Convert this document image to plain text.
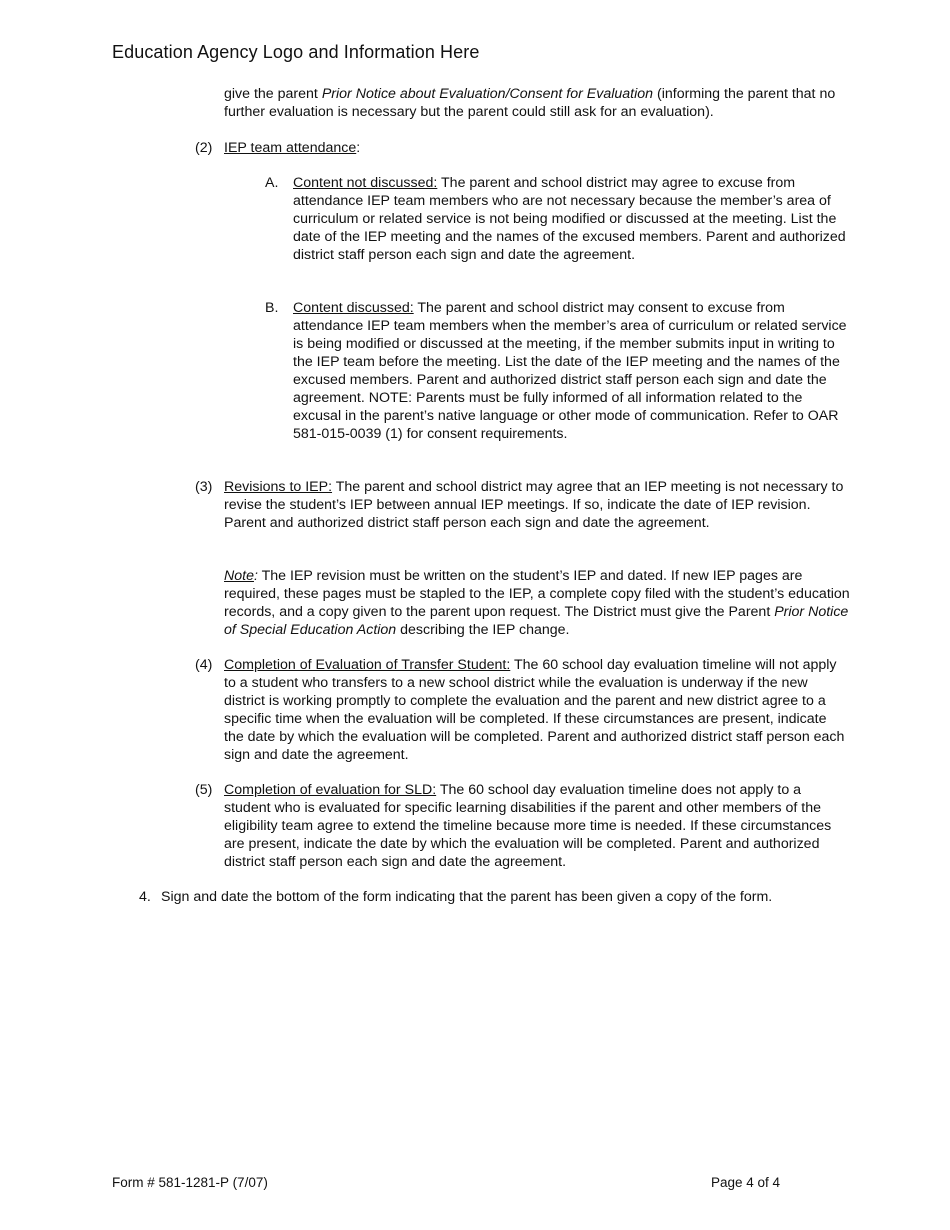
Education Agency Logo and Information Here
give the parent Prior Notice about Evaluation/Consent for Evaluation (informing the parent that no further evaluation is necessary but the parent could still ask for an evaluation).
(2) IEP team attendance:
A. Content not discussed: The parent and school district may agree to excuse from attendance IEP team members who are not necessary because the member’s area of curriculum or related service is not being modified or discussed at the meeting. List the date of the IEP meeting and the names of the excused members. Parent and authorized district staff person each sign and date the agreement.
B. Content discussed: The parent and school district may consent to excuse from attendance IEP team members when the member’s area of curriculum or related service is being modified or discussed at the meeting, if the member submits input in writing to the IEP team before the meeting. List the date of the IEP meeting and the names of the excused members. Parent and authorized district staff person each sign and date the agreement. NOTE: Parents must be fully informed of all information related to the excusal in the parent’s native language or other mode of communication. Refer to OAR 581-015-0039 (1) for consent requirements.
(3) Revisions to IEP: The parent and school district may agree that an IEP meeting is not necessary to revise the student’s IEP between annual IEP meetings. If so, indicate the date of IEP revision. Parent and authorized district staff person each sign and date the agreement.
Note: The IEP revision must be written on the student’s IEP and dated. If new IEP pages are required, these pages must be stapled to the IEP, a complete copy filed with the student’s education records, and a copy given to the parent upon request. The District must give the Parent Prior Notice of Special Education Action describing the IEP change.
(4) Completion of Evaluation of Transfer Student: The 60 school day evaluation timeline will not apply to a student who transfers to a new school district while the evaluation is underway if the new district is working promptly to complete the evaluation and the parent and new district agree to a specific time when the evaluation will be completed. If these circumstances are present, indicate the date by which the evaluation will be completed. Parent and authorized district staff person each sign and date the agreement.
(5) Completion of evaluation for SLD: The 60 school day evaluation timeline does not apply to a student who is evaluated for specific learning disabilities if the parent and other members of the eligibility team agree to extend the timeline because more time is needed. If these circumstances are present, indicate the date by which the evaluation will be completed. Parent and authorized district staff person each sign and date the agreement.
4. Sign and date the bottom of the form indicating that the parent has been given a copy of the form.
Form # 581-1281-P (7/07)	Page 4 of 4
